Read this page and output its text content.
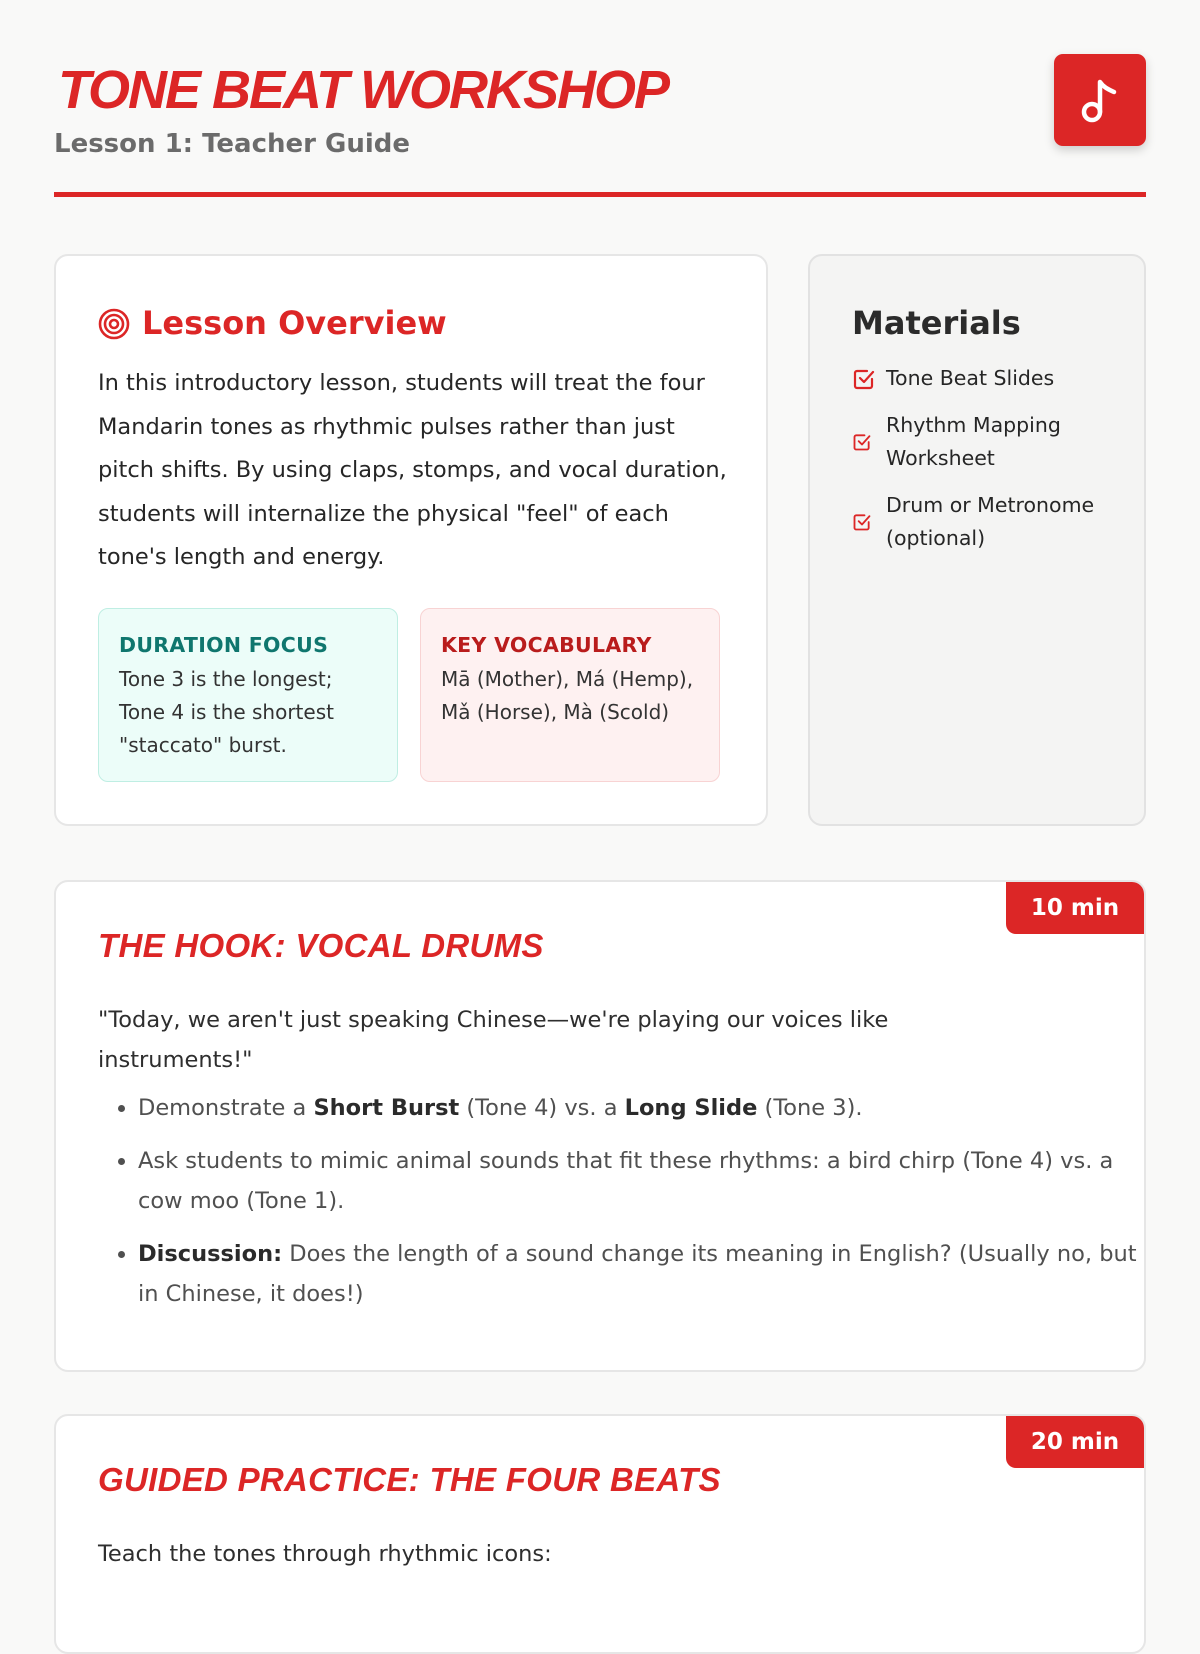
TONE BEAT WORKSHOP

Lesson 1: Teacher Guide

Lesson Overview

In this introductory lesson, students will treat the four Mandarin tones as rhythmic pulses rather than just pitch shifts. By using claps, stomps, and vocal duration, students will internalize the physical "feel" of each tone's length and energy.

DURATION FOCUS

Tone 3 is the longest; Tone 4 is the shortest "staccato" burst.

KEY VOCABULARY

Mā (Mother), Má (Hemp), Mǎ (Horse), Mà (Scold)

Materials
Tone Beat Slides
Rhythm Mapping Worksheet
Drum or Metronome (optional)
10 min
THE HOOK: VOCAL DRUMS

"Today, we aren't just speaking Chinese—we're playing our voices like instruments!"

• Demonstrate a Short Burst (Tone 4) vs. a Long Slide (Tone 3).
• Ask students to mimic animal sounds that fit these rhythms: a bird chirp (Tone 4) vs. a cow moo (Tone 1).
• Discussion: Does the length of a sound change its meaning in English? (Usually no, but in Chinese, it does!)
20 min
GUIDED PRACTICE: THE FOUR BEATS

Teach the tones through rhythmic icons:
